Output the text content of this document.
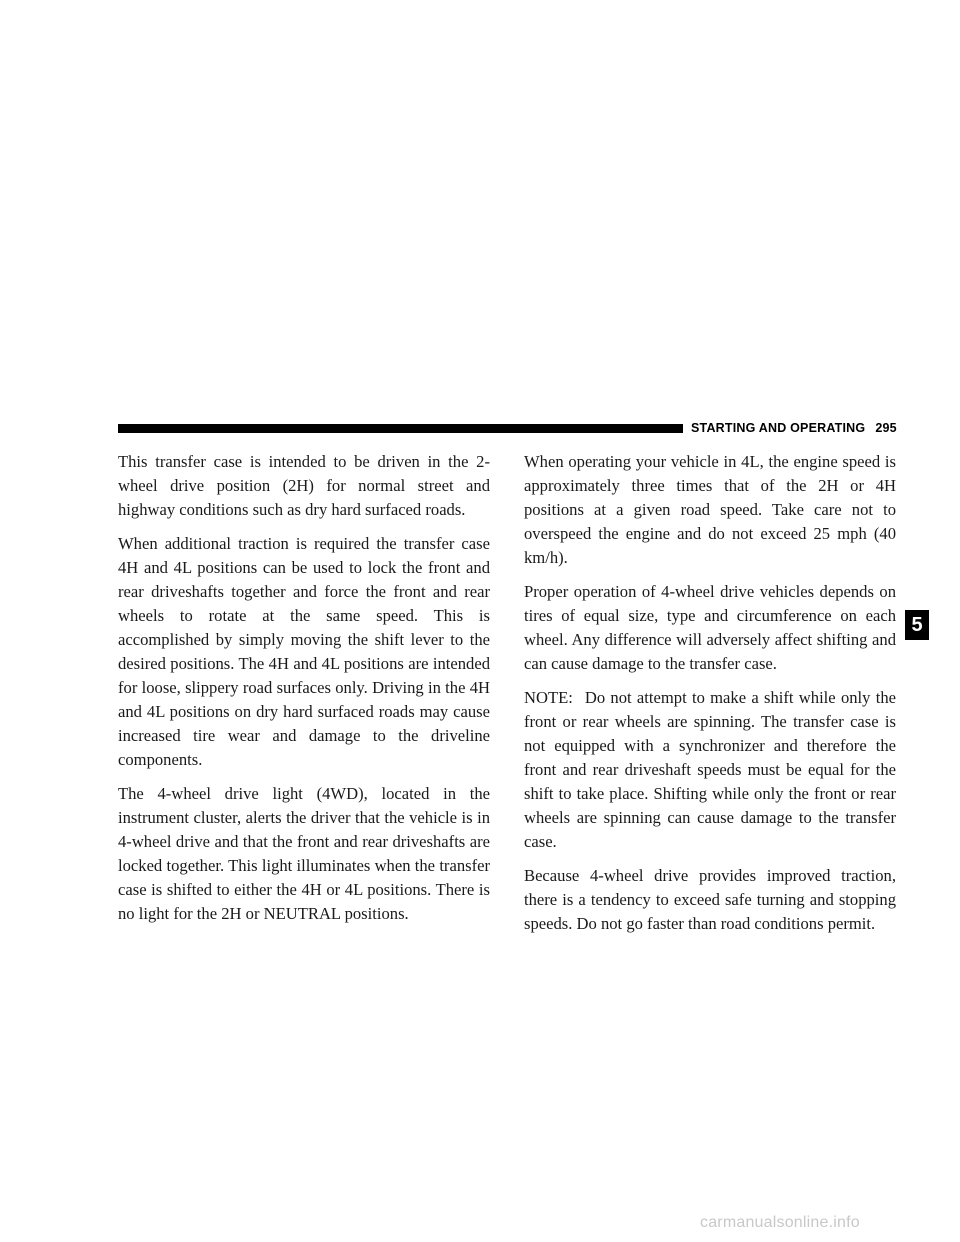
STARTING AND OPERATING 295

This transfer case is intended to be driven in the 2-wheel drive position (2H) for normal street and highway conditions such as dry hard surfaced roads.

When additional traction is required the transfer case 4H and 4L positions can be used to lock the front and rear driveshafts together and force the front and rear wheels to rotate at the same speed. This is accomplished by simply moving the shift lever to the desired positions. The 4H and 4L positions are intended for loose, slippery road surfaces only. Driving in the 4H and 4L positions on dry hard surfaced roads may cause increased tire wear and damage to the driveline components.

The 4-wheel drive light (4WD), located in the instrument cluster, alerts the driver that the vehicle is in 4-wheel drive and that the front and rear driveshafts are locked together. This light illuminates when the transfer case is shifted to either the 4H or 4L positions. There is no light for the 2H or NEUTRAL positions.

When operating your vehicle in 4L, the engine speed is approximately three times that of the 2H or 4H positions at a given road speed. Take care not to overspeed the engine and do not exceed 25 mph (40 km/h).

Proper operation of 4-wheel drive vehicles depends on tires of equal size, type and circumference on each wheel. Any difference will adversely affect shifting and can cause damage to the transfer case.

NOTE: Do not attempt to make a shift while only the front or rear wheels are spinning. The transfer case is not equipped with a synchronizer and therefore the front and rear driveshaft speeds must be equal for the shift to take place. Shifting while only the front or rear wheels are spinning can cause damage to the transfer case.

Because 4-wheel drive provides improved traction, there is a tendency to exceed safe turning and stopping speeds. Do not go faster than road conditions permit.

5
carmanualsonline.info
